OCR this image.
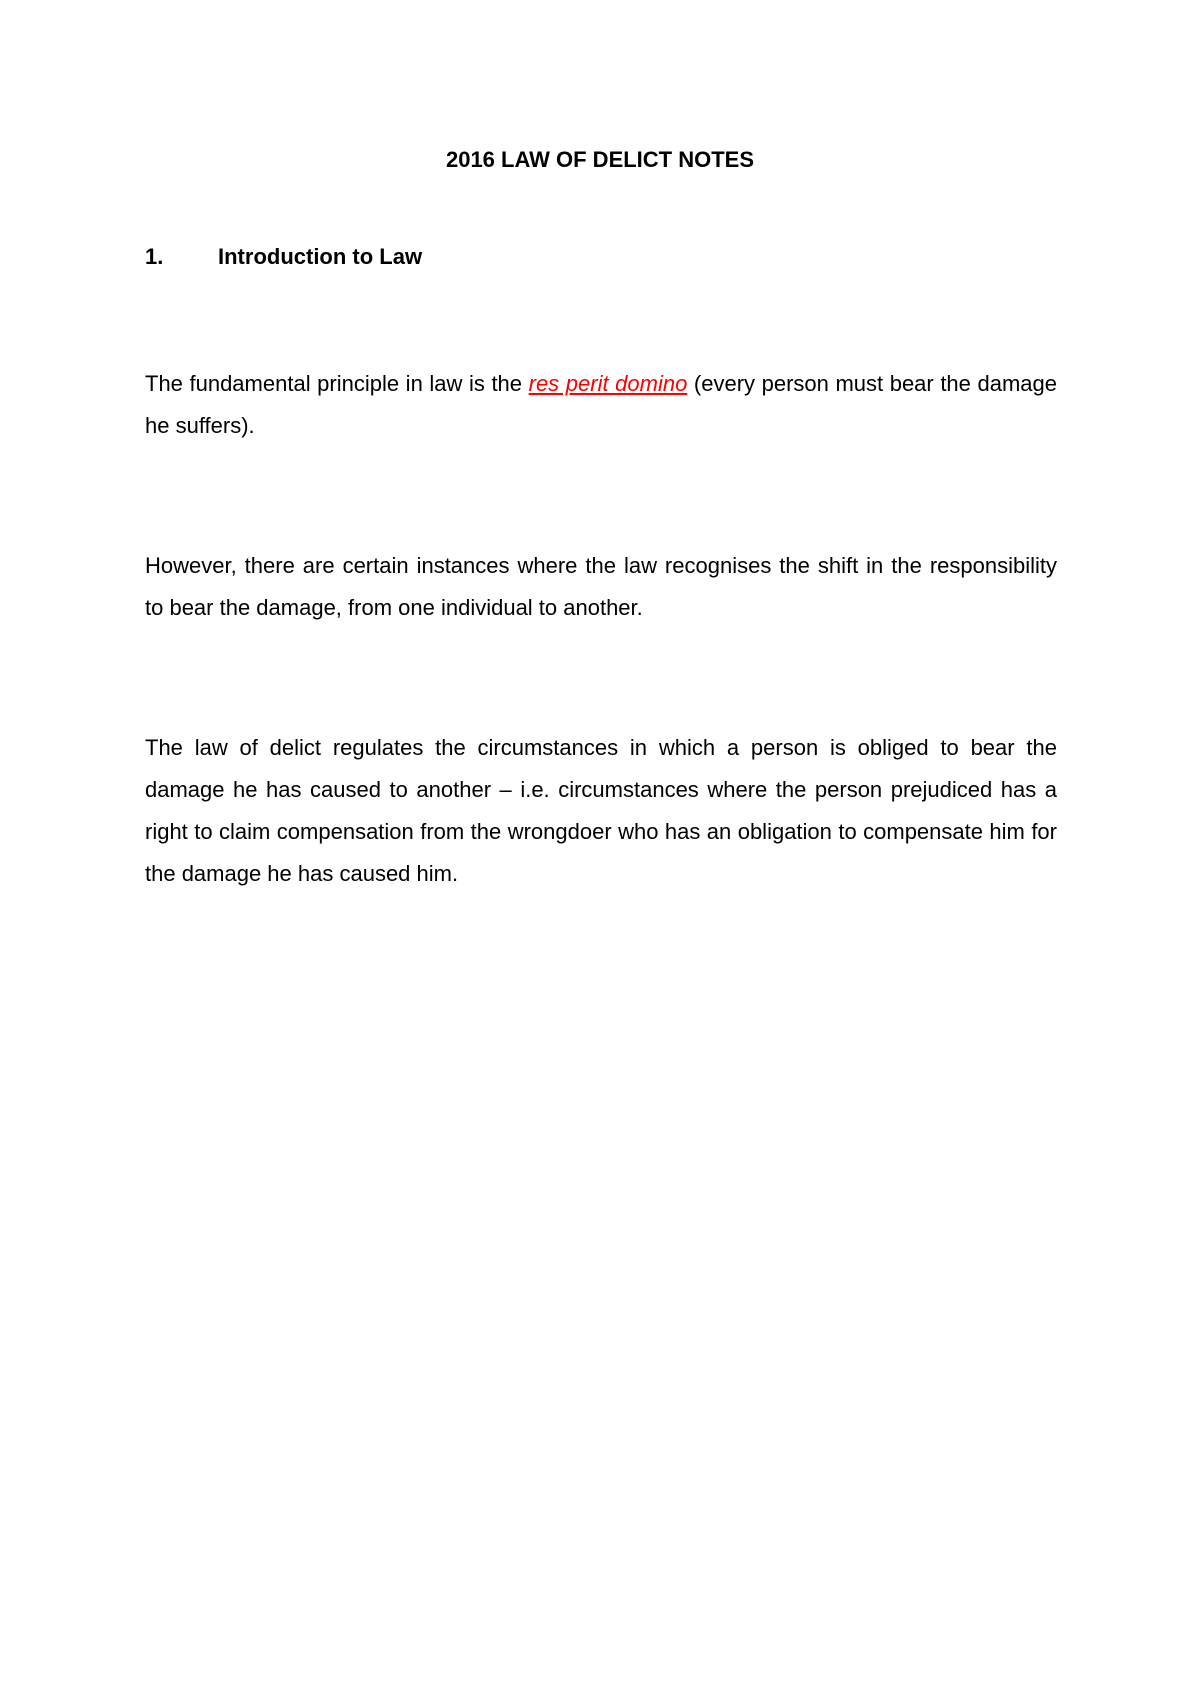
2016 LAW OF DELICT NOTES
1. Introduction to Law

The fundamental principle in law is the res perit domino (every person must bear the damage he suffers).

However, there are certain instances where the law recognises the shift in the responsibility to bear the damage, from one individual to another.

The law of delict regulates the circumstances in which a person is obliged to bear the damage he has caused to another – i.e. circumstances where the person prejudiced has a right to claim compensation from the wrongdoer who has an obligation to compensate him for the damage he has caused him.
